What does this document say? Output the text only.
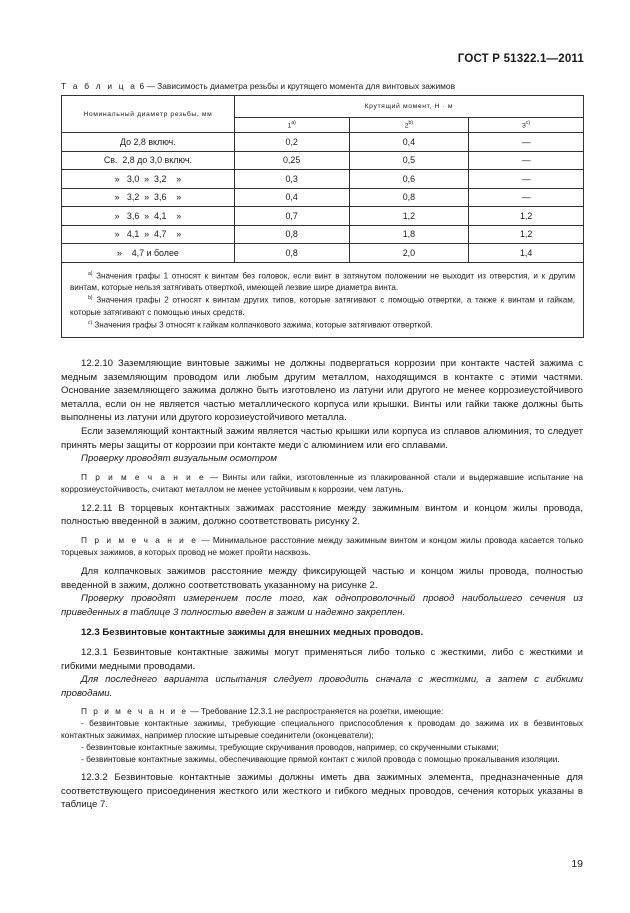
ГОСТ Р 51322.1—2011
Т а б л и ц а 6 — Зависимость диаметра резьбы и крутящего момента для винтовых зажимов
Номинальный диаметр резьбы, мм	Крутящий момент, Н · м		
	1$^{a)}$	2$^{b)}$	3$^{c)}$
До 2,8 включ.	0,2	0,4	—
Св.  2,8 до 3,0 включ.	0,25	0,5	—
»   3,0  »  3,2    »	0,3	0,6	—
»   3,2  »  3,6    »	0,4	0,8	—
»   3,6  »  4,1    »	0,7	1,2	1,2
»   4,1  »  4,7    »	0,8	1,8	1,2
»    4,7 и более	0,8	2,0	1,4

$^{a)}$ Значения графы 1 относят к винтам без головок, если винт в затянутом положении не выходит из отверстия, и к другим винтам, которые нельзя затягивать отверткой, имеющей лезвие шире диаметра винта.
$^{b)}$ Значения графы 2 относят к винтам других типов, которые затягивают с помощью отвертки, а также к винтам и гайкам, которые затягивают с помощью иных средств.
$^{c)}$ Значения графы 3 относят к гайкам колпачкового зажима, которые затягивают отверткой.			

12.2.10 Заземляющие винтовые зажимы не должны подвергаться коррозии при контакте частей зажима с медным заземляющим проводом или любым другим металлом, находящимся в контакте с этими частями. Основание заземляющего зажима должно быть изготовлено из латуни или другого не менее коррозиеустойчивого металла, если он не является частью металлического корпуса или крышки. Винты или гайки также должны быть выполнены из латуни или другого корозиеустойчивого металла.

Если заземляющий контактный зажим является частью крышки или корпуса из сплавов алюминия, то следует принять меры защиты от коррозии при контакте меди с алюминием или его сплавами.

Проверку проводят визуальным осмотром

П р и м е ч а н и е — Винты или гайки, изготовленные из плакированной стали и выдержавшие испытание на коррозиеустойчивость, считают металлом не менее устойчивым к коррозии, чем латунь.

12.2.11 В торцевых контактных зажимах расстояние между зажимным винтом и концом жилы провода, полностью введенной в зажим, должно соответствовать рисунку 2.

П р и м е ч а н и е — Минимальное расстояние между зажимным винтом и концом жилы провода касается только торцевых зажимов, в которых провод не может пройти насквозь.

Для колпачковых зажимов расстояние между фиксирующей частью и концом жилы провода, полностью введенной в зажим, должно соответствовать указанному на рисунке 2.

Проверку проводят измерением после того, как однопроволочный провод наибольшего сечения из приведенных в таблице 3 полностью введен в зажим и надежно закреплен.

12.3 Безвинтовые контактные зажимы для внешних медных проводов.

12.3.1 Безвинтовые контактные зажимы могут применяться либо только с жесткими, либо с жесткими и гибкими медными проводами.

Для последнего варианта испытания следует проводить сначала с жесткими, а затем с гибкими проводами.

П р и м е ч а н и е — Требование 12.3.1 не распространяется на розетки, имеющие:

- безвинтовые контактные зажимы, требующие специального приспособления к проводам до зажима их в безвинтовых контактных зажимах, например плоские штыревые соединители (оконцеватели);

- безвинтовые контактные зажимы, требующие скручивания проводов, например, со скрученными стыками;

- безвинтовые контактные зажимы, обеспечивающие прямой контакт с жилой провода с помощью прокалывания изоляции.

12.3.2 Безвинтовые контактные зажимы должны иметь два зажимных элемента, предназначенные для соответствующего присоединения жесткого или жесткого и гибкого медных проводов, сечения которых указаны в таблице 7.

19
